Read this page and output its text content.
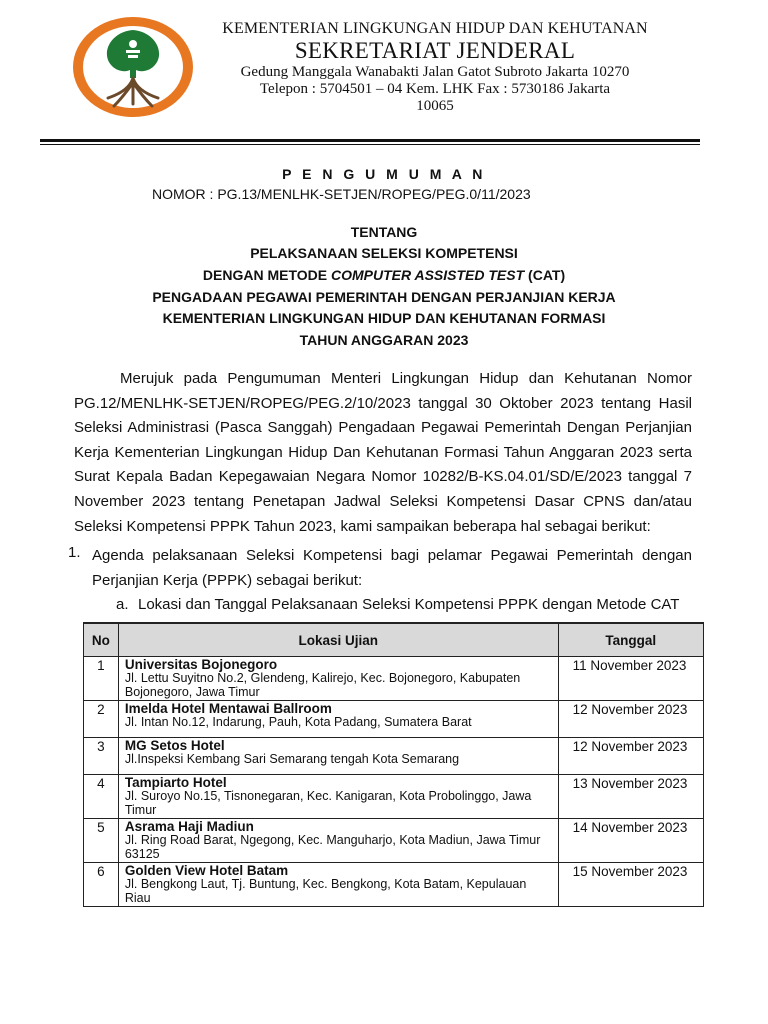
KEMENTERIAN LINGKUNGAN HIDUP DAN KEHUTANAN
SEKRETARIAT JENDERAL
Gedung Manggala Wanabakti Jalan Gatot Subroto Jakarta 10270
Telepon : 5704501 – 04 Kem. LHK Fax : 5730186 Jakarta
10065
P E N G U M U M A N
NOMOR : PG.13/MENLHK-SETJEN/ROPEG/PEG.0/11/2023
TENTANG
PELAKSANAAN SELEKSI KOMPETENSI
DENGAN METODE COMPUTER ASSISTED TEST (CAT)
PENGADAAN PEGAWAI PEMERINTAH DENGAN PERJANJIAN KERJA
KEMENTERIAN LINGKUNGAN HIDUP DAN KEHUTANAN FORMASI
TAHUN ANGGARAN 2023

Merujuk pada Pengumuman Menteri Lingkungan Hidup dan Kehutanan Nomor PG.12/MENLHK-SETJEN/ROPEG/PEG.2/10/2023 tanggal 30 Oktober 2023 tentang Hasil Seleksi Administrasi (Pasca Sanggah) Pengadaan Pegawai Pemerintah Dengan Perjanjian Kerja Kementerian Lingkungan Hidup Dan Kehutanan Formasi Tahun Anggaran 2023 serta Surat Kepala Badan Kepegawaian Negara Nomor 10282/B-KS.04.01/SD/E/2023 tanggal 7 November 2023 tentang Penetapan Jadwal Seleksi Kompetensi Dasar CPNS dan/atau Seleksi Kompetensi PPPK Tahun 2023, kami sampaikan beberapa hal sebagai berikut:

1. Agenda pelaksanaan Seleksi Kompetensi bagi pelamar Pegawai Pemerintah dengan Perjanjian Kerja (PPPK) sebagai berikut:

a. Lokasi dan Tanggal Pelaksanaan Seleksi Kompetensi PPPK dengan Metode CAT
No	Lokasi Ujian	Tanggal
1	Universitas Bojonegoro
Jl. Lettu Suyitno No.2, Glendeng, Kalirejo, Kec. Bojonegoro, Kabupaten Bojonegoro, Jawa Timur	11 November 2023
2	Imelda Hotel Mentawai Ballroom
Jl. Intan No.12, Indarung, Pauh, Kota Padang, Sumatera Barat	12 November 2023
3	MG Setos Hotel
Jl.Inspeksi Kembang Sari Semarang tengah Kota Semarang	12 November 2023
4	Tampiarto Hotel
Jl. Suroyo No.15, Tisnonegaran, Kec. Kanigaran, Kota Probolinggo, Jawa Timur	13 November 2023
5	Asrama Haji Madiun
Jl. Ring Road Barat, Ngegong, Kec. Manguharjo, Kota Madiun, Jawa Timur 63125	14 November 2023
6	Golden View Hotel Batam
Jl. Bengkong Laut, Tj. Buntung, Kec. Bengkong, Kota Batam, Kepulauan Riau	15 November 2023
